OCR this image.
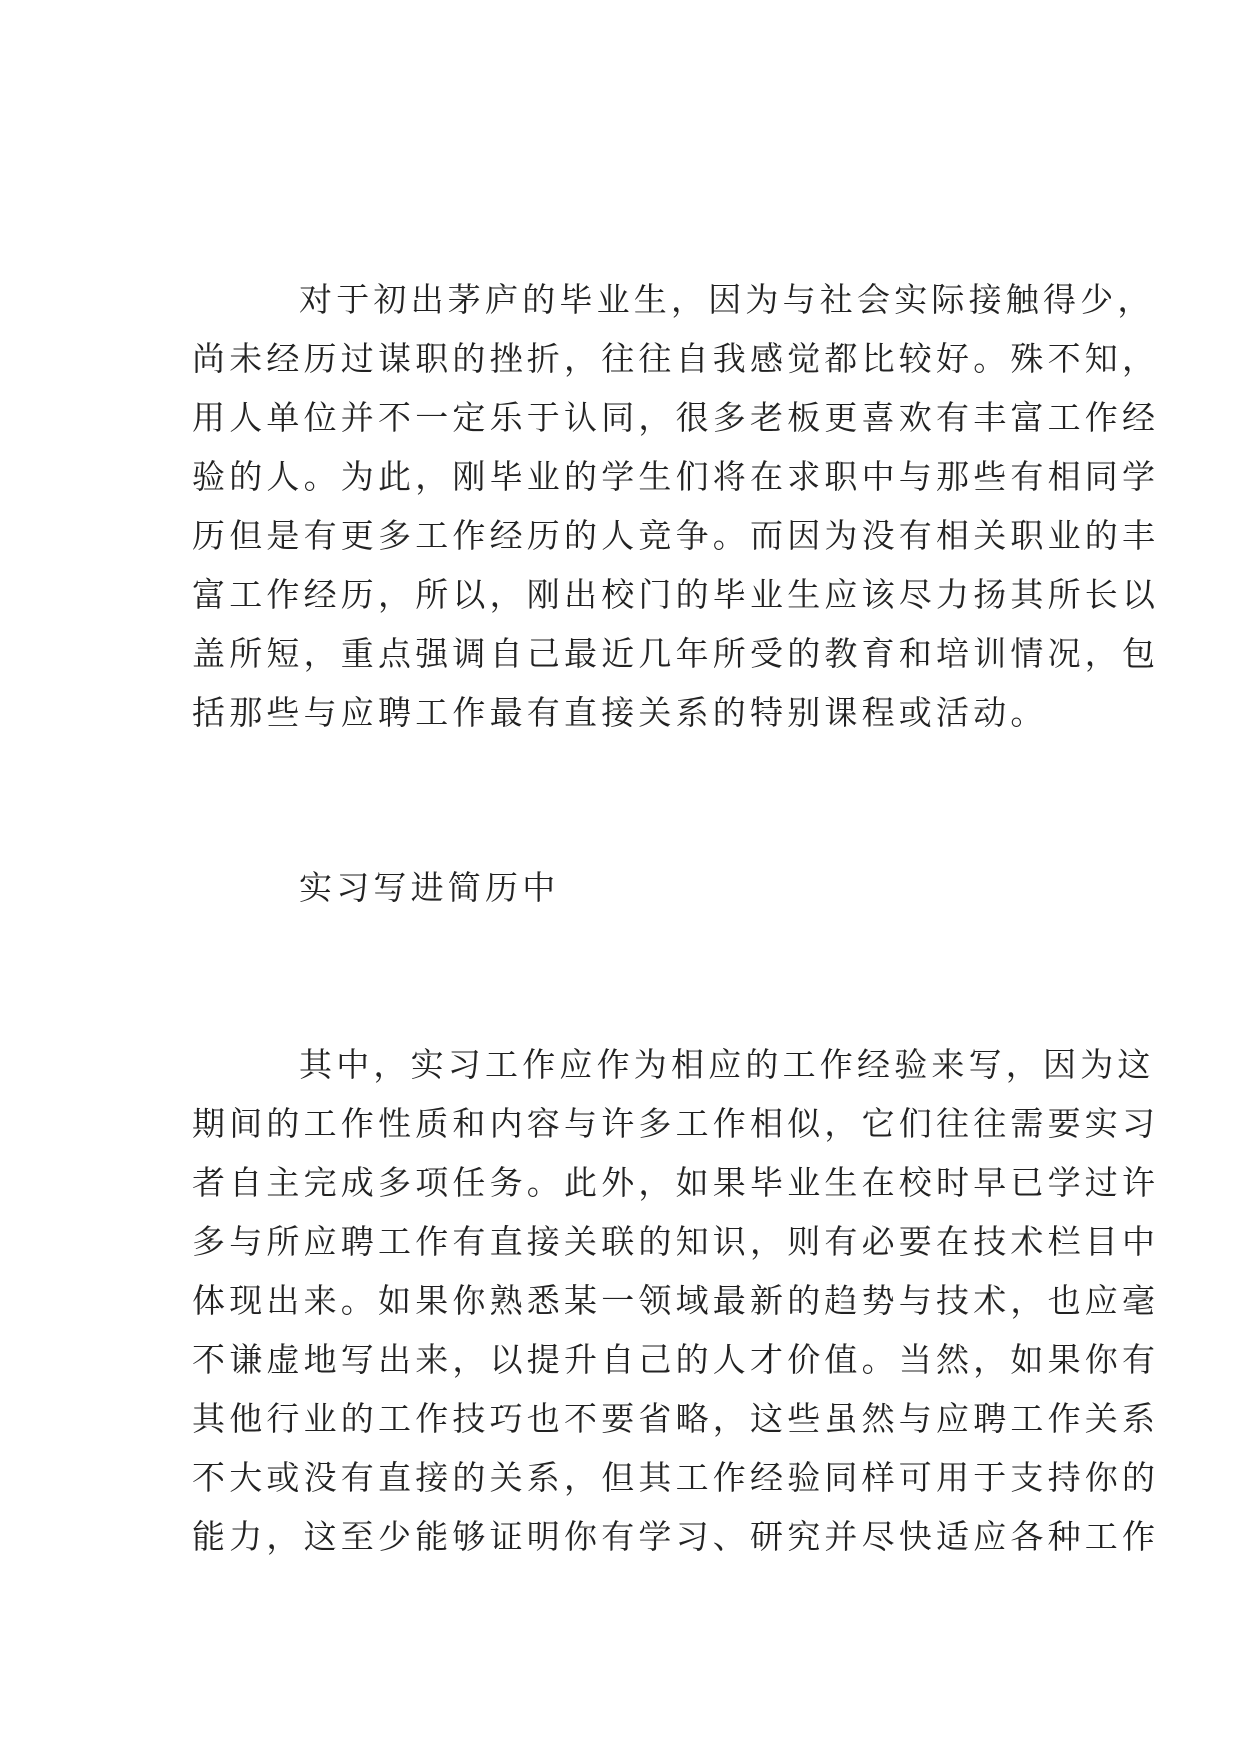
对于初出茅庐的毕业生，因为与社会实际接触得少，
尚未经历过谋职的挫折，往往自我感觉都比较好。殊不知，
用人单位并不一定乐于认同，很多老板更喜欢有丰富工作经
验的人。为此，刚毕业的学生们将在求职中与那些有相同学
历但是有更多工作经历的人竞争。而因为没有相关职业的丰
富工作经历，所以，刚出校门的毕业生应该尽力扬其所长以
盖所短，重点强调自己最近几年所受的教育和培训情况，包
括那些与应聘工作最有直接关系的特别课程或活动。
实习写进简历中
其中，实习工作应作为相应的工作经验来写，因为这
期间的工作性质和内容与许多工作相似，它们往往需要实习
者自主完成多项任务。此外，如果毕业生在校时早已学过许
多与所应聘工作有直接关联的知识，则有必要在技术栏目中
体现出来。如果你熟悉某一领域最新的趋势与技术，也应毫
不谦虚地写出来，以提升自己的人才价值。当然，如果你有
其他行业的工作技巧也不要省略，这些虽然与应聘工作关系
不大或没有直接的关系，但其工作经验同样可用于支持你的
能力，这至少能够证明你有学习、研究并尽快适应各种工作
